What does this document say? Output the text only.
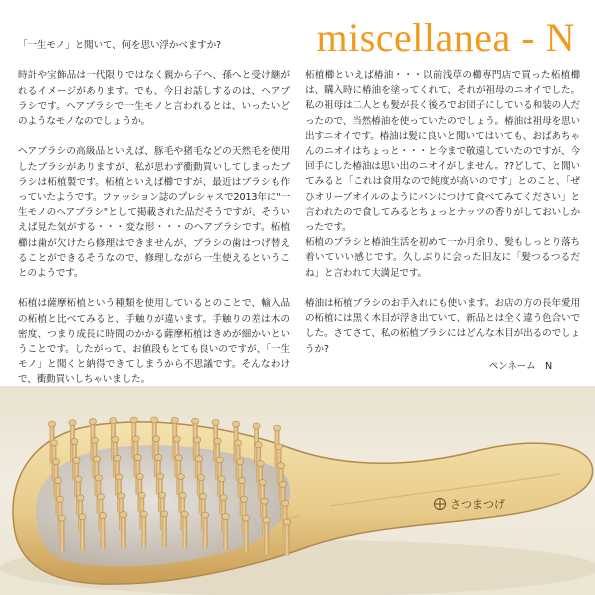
miscellanea - N

「一生モノ」と聞いて、何を思い浮かべますか?

時計や宝飾品は一代限りではなく親から子へ、孫へと受け継がれるイメージがあります。でも、今日お話しするのは、ヘアブラシです。ヘアブラシで一生モノと言われるとは、いったいどのようなモノなのでしょうか。

ヘアブラシの高級品といえば、豚毛や猪毛などの天然毛を使用したブラシがありますが、私が思わず衝動買いしてしまったブラシは柘植製です。柘植といえば櫛ですが、最近はブラシも作っていたようです。ファッション誌のプレシャスで2013年に"一生モノのヘアブラシ"として掲載された品だそうですが、そういえば見た気がする・・・変な形・・・のヘアブラシです。柘植櫛は歯が欠けたら修理はできませんが、ブラシの歯はつげ替えることができるそうなので、修理しながら一生使えるということのようです。

柘植は薩摩柘植という種類を使用しているとのことで、輸入品の柘植と比べてみると、手触りが違います。手触りの差は木の密度、つまり成長に時間のかかる薩摩柘植はきめが細かいということです。したがって、お値段もとても良いのですが、「一生モノ」と聞くと納得できてしまうから不思議です。そんなわけで、衝動買いしちゃいました。

柘植櫛といえば椿油・・・以前浅草の櫛専門店で買った柘植櫛は、購入時に椿油を塗ってくれて、それが祖母のニオイでした。私の祖母は二人とも髪が長く後ろでお団子にしている和装の人だったので、当然椿油を使っていたのでしょう。椿油は祖母を思い出すニオイです。椿油は髪に良いと聞いてはいても、おばあちゃんのニオイはちょっと・・・と今まで敬遠していたのですが、今回手にした椿油は思い出のニオイがしません。??どして、と聞いてみると「これは食用なので純度が高いのです」とのこと、「ぜひオリーブオイルのようにパンにつけて食べてみてください」と言われたので食してみるとちょっとナッツの香りがしておいしかったです。

柘植のブラシと椿油生活を初めて一か月余り、髪もしっとり落ち着いていい感じです。久しぶりに会った旧友に「髪つるつるだね」と言われて大満足です。

椿油は柘植ブラシのお手入れにも使います。お店の方の長年愛用の柘植には黒く木目が浮き出ていて、新品とは全く違う色合いでした。さてさて、私の柘植ブラシにはどんな木目が出るのでしょうか?

ペンネーム　N
さつまつげ
